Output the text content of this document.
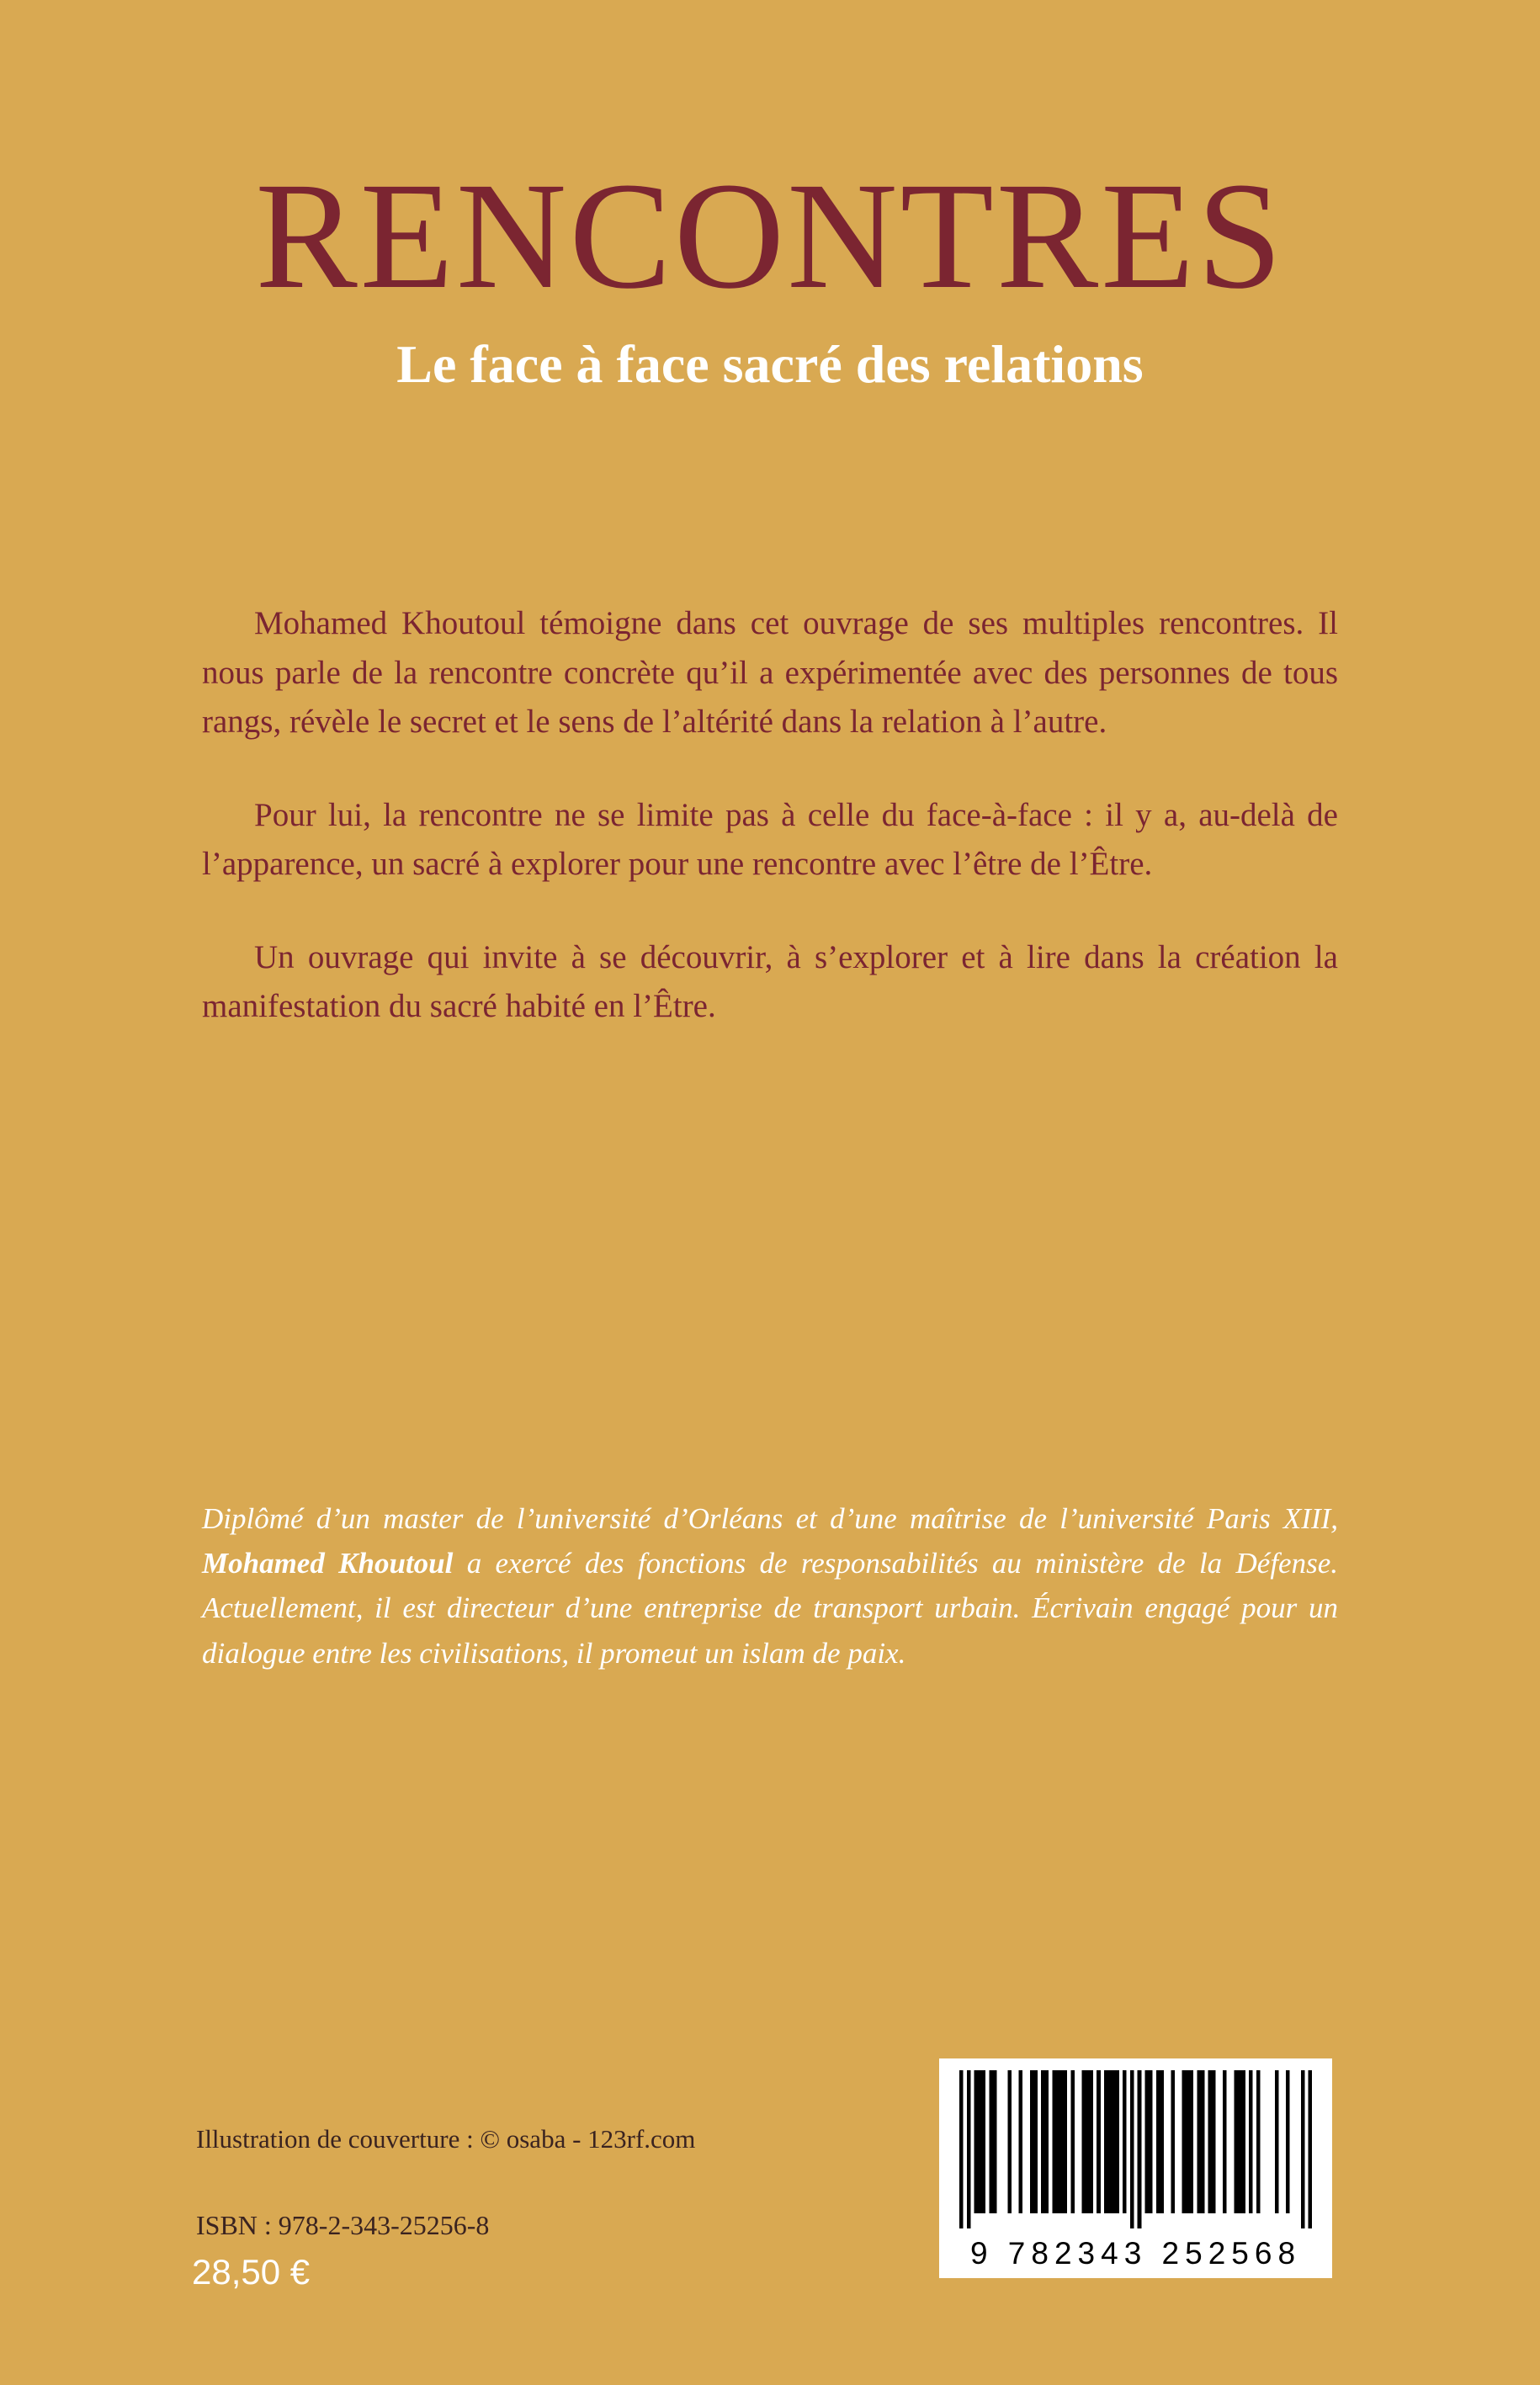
RENCONTRES
Le face à face sacré des relations

Mohamed Khoutoul témoigne dans cet ouvrage de ses multiples rencontres. Il nous parle de la rencontre concrète qu’il a expérimentée avec des personnes de tous rangs, révèle le secret et le sens de l’altérité dans la relation à l’autre.

Pour lui, la rencontre ne se limite pas à celle du face-à-face : il y a, au-delà de l’apparence, un sacré à explorer pour une rencontre avec l’être de l’Être.

Un ouvrage qui invite à se découvrir, à s’explorer et à lire dans la création la manifestation du sacré habité en l’Être.

Diplômé d’un master de l’université d’Orléans et d’une maîtrise de l’université Paris XIII, Mohamed Khoutoul a exercé des fonctions de responsabilités au ministère de la Défense. Actuellement, il est directeur d’une entreprise de transport urbain. Écrivain engagé pour un dialogue entre les civilisations, il promeut un islam de paix.
Illustration de couverture : © osaba - 123rf.com
ISBN : 978-2-343-25256-8
28,50 €	9 782343 252568
